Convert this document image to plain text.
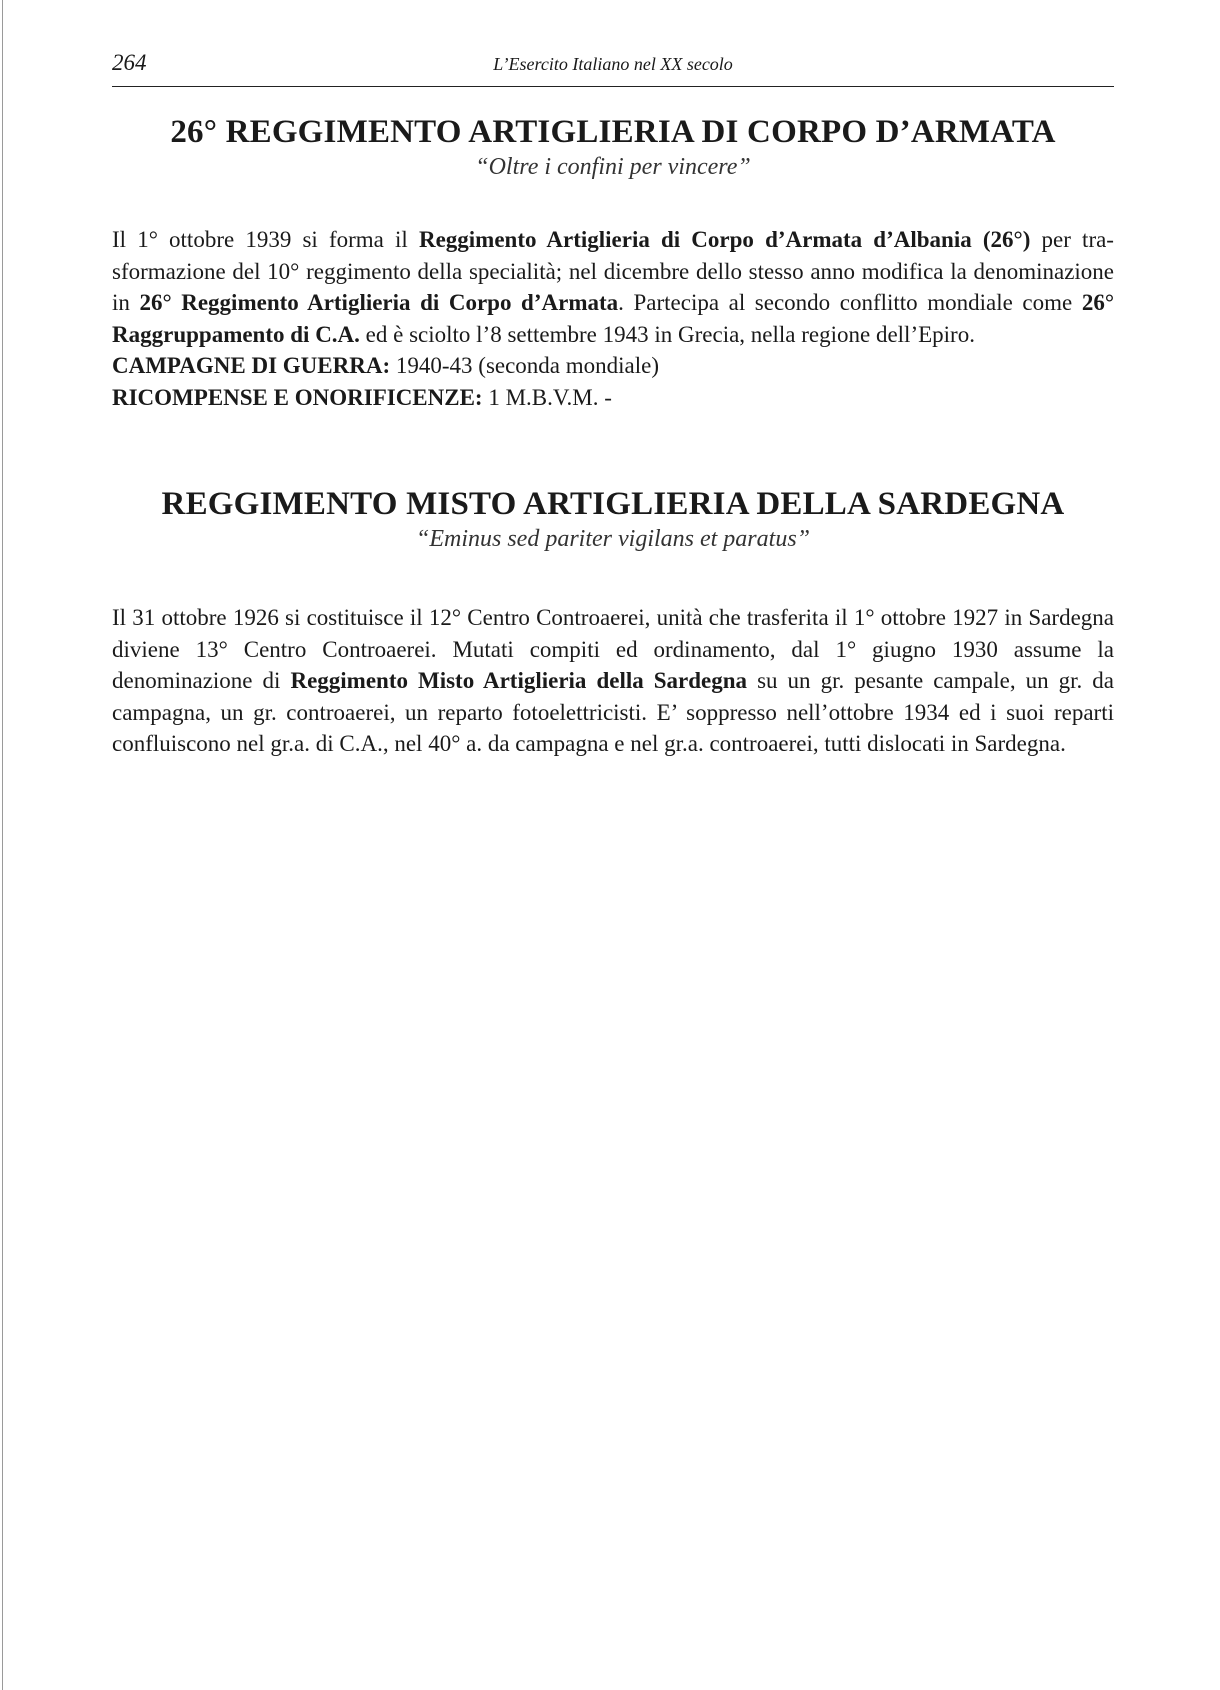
264	L’Esercito Italiano nel XX secolo
26° REGGIMENTO ARTIGLIERIA DI CORPO D’ARMATA

“Oltre i confini per vincere”

Il 1° ottobre 1939 si forma il Reggimento Artiglieria di Corpo d’Armata d’Albania (26°) per tra-sformazione del 10° reggimento della specialità; nel dicembre dello stesso anno modifica la denominazione in 26° Reggimento Artiglieria di Corpo d’Armata. Partecipa al secondo conflitto mondiale come 26° Raggruppamento di C.A. ed è sciolto l’8 settembre 1943 in Grecia, nella regione dell’Epiro.
CAMPAGNE DI GUERRA: 1940-43 (seconda mondiale)
RICOMPENSE E ONORIFICENZE: 1 M.B.V.M. -
REGGIMENTO MISTO ARTIGLIERIA DELLA SARDEGNA

“Eminus sed pariter vigilans et paratus”

Il 31 ottobre 1926 si costituisce il 12° Centro Controaerei, unità che trasferita il 1° ottobre 1927 in Sardegna diviene 13° Centro Controaerei. Mutati compiti ed ordinamento, dal 1° giugno 1930 assume la denominazione di Reggimento Misto Artiglieria della Sardegna su un gr. pesante campale, un gr. da campagna, un gr. controaerei, un reparto fotoelettricisti. E’ soppresso nell’ottobre 1934 ed i suoi reparti confluiscono nel gr.a. di C.A., nel 40° a. da campagna e nel gr.a. controaerei, tutti dislocati in Sardegna.
